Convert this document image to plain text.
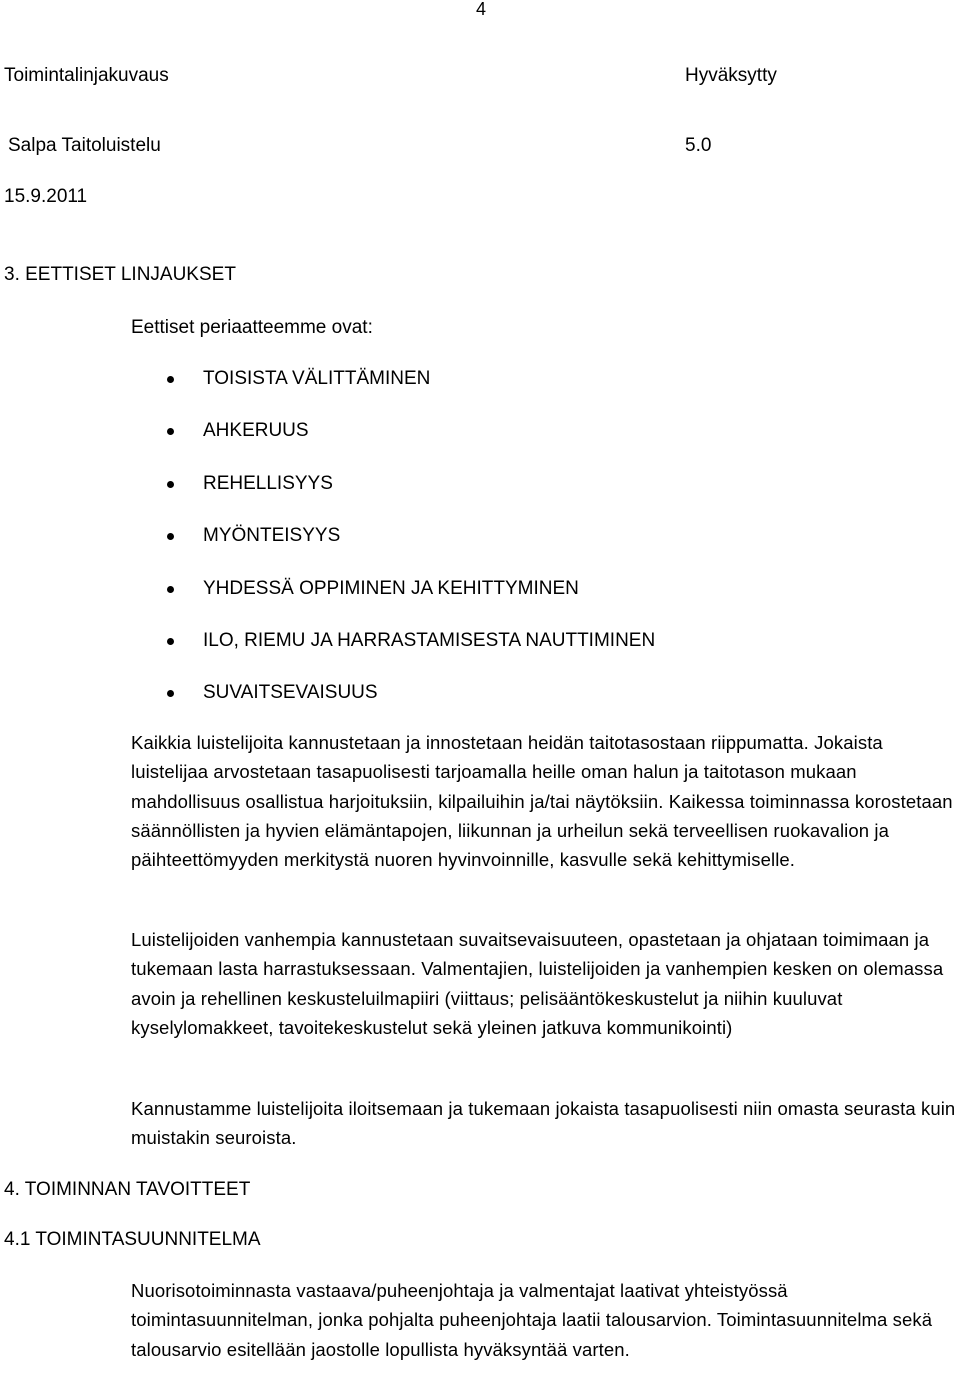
4
Toimintalinjakuvaus	Hyväksytty
Salpa Taitoluistelu	5.0
15.9.2011
3. EETTISET LINJAUKSET
Eettiset periaatteemme ovat:
TOISISTA VÄLITTÄMINEN
AHKERUUS
REHELLISYYS
MYÖNTEISYYS
YHDESSÄ OPPIMINEN JA KEHITTYMINEN
ILO, RIEMU JA HARRASTAMISESTA NAUTTIMINEN
SUVAITSEVAISUUS

Kaikkia luistelijoita kannustetaan ja innostetaan heidän taitotasostaan riippumatta. Jokaista luistelijaa arvostetaan tasapuolisesti tarjoamalla heille oman halun ja taitotason mukaan mahdollisuus osallistua harjoituksiin, kilpailuihin ja/tai näytöksiin. Kaikessa toiminnassa korostetaan säännöllisten ja hyvien elämäntapojen, liikunnan ja urheilun sekä terveellisen ruokavalion ja päihteettömyyden merkitystä nuoren hyvinvoinnille, kasvulle sekä kehittymiselle.

Luistelijoiden vanhempia kannustetaan suvaitsevaisuuteen, opastetaan ja ohjataan toimimaan ja tukemaan lasta harrastuksessaan. Valmentajien, luistelijoiden ja vanhempien kesken on olemassa avoin ja rehellinen keskusteluilmapiiri (viittaus; pelisääntökeskustelut ja niihin kuuluvat kyselylomakkeet, tavoitekeskustelut sekä yleinen jatkuva kommunikointi)

Kannustamme luistelijoita iloitsemaan ja tukemaan jokaista tasapuolisesti niin omasta seurasta kuin muistakin seuroista.

4. TOIMINNAN TAVOITTEET
4.1 TOIMINTASUUNNITELMA

Nuorisotoiminnasta vastaava/puheenjohtaja ja valmentajat laativat yhteistyössä toimintasuunnitelman, jonka pohjalta puheenjohtaja laatii talousarvion. Toimintasuunnitelma sekä talousarvio esitellään jaostolle lopullista hyväksyntää varten.
